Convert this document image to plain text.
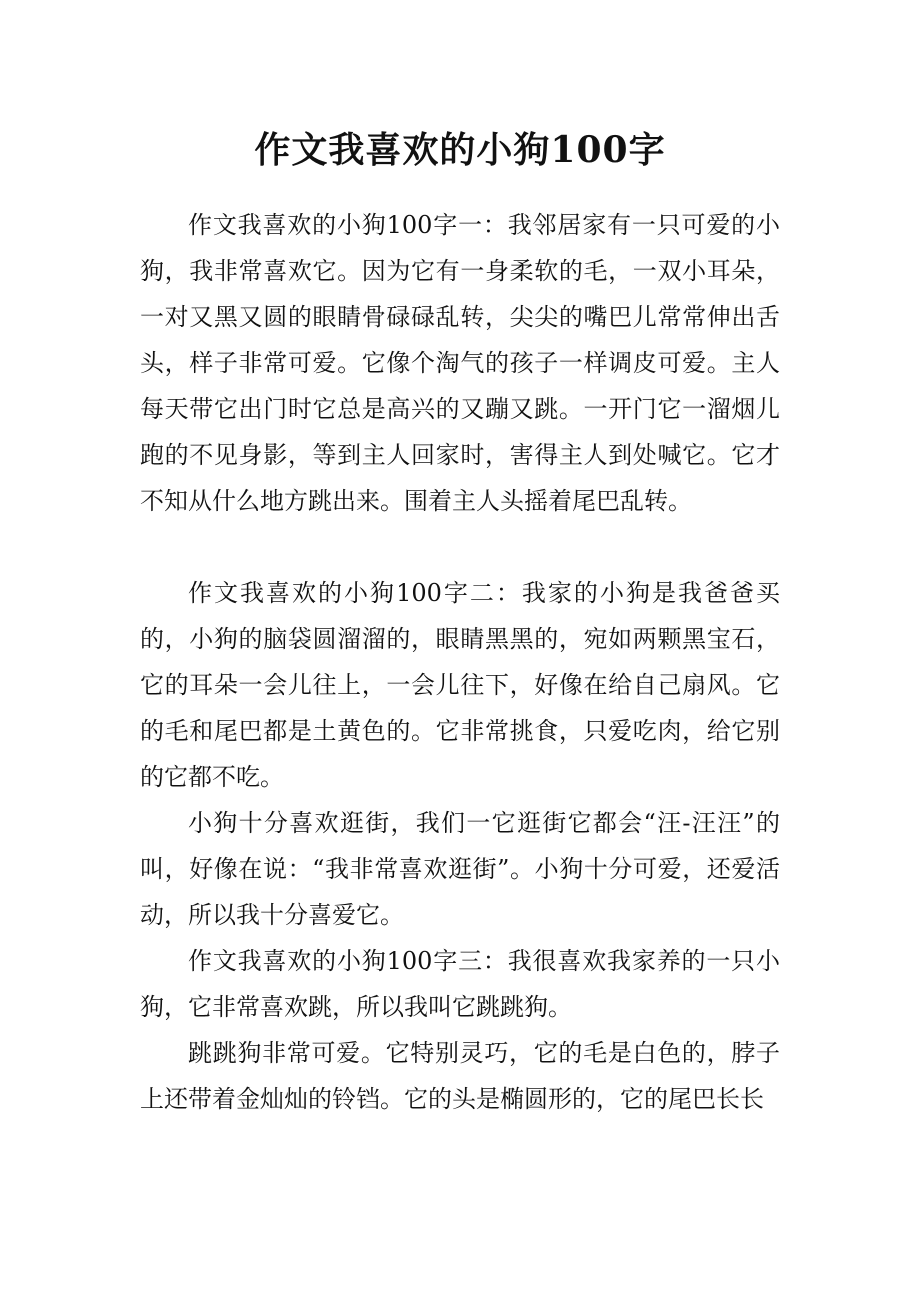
作文我喜欢的小狗100字

作文我喜欢的小狗100字一：我邻居家有一只可爱的小狗，我非常喜欢它。因为它有一身柔软的毛，一双小耳朵，一对又黑又圆的眼睛骨碌碌乱转，尖尖的嘴巴儿常常伸出舌头，样子非常可爱。它像个淘气的孩子一样调皮可爱。主人每天带它出门时它总是高兴的又蹦又跳。一开门它一溜烟儿跑的不见身影，等到主人回家时，害得主人到处喊它。它才不知从什么地方跳出来。围着主人头摇着尾巴乱转。

作文我喜欢的小狗100字二：我家的小狗是我爸爸买的，小狗的脑袋圆溜溜的，眼睛黑黑的，宛如两颗黑宝石，它的耳朵一会儿往上，一会儿往下，好像在给自己扇风。它的毛和尾巴都是土黄色的。它非常挑食，只爱吃肉，给它别的它都不吃。

小狗十分喜欢逛街，我们一它逛街它都会“汪-汪汪”的叫，好像在说：“我非常喜欢逛街”。小狗十分可爱，还爱活动，所以我十分喜爱它。

作文我喜欢的小狗100字三：我很喜欢我家养的一只小狗，它非常喜欢跳，所以我叫它跳跳狗。

跳跳狗非常可爱。它特别灵巧，它的毛是白色的，脖子上还带着金灿灿的铃铛。它的头是椭圆形的，它的尾巴长长
